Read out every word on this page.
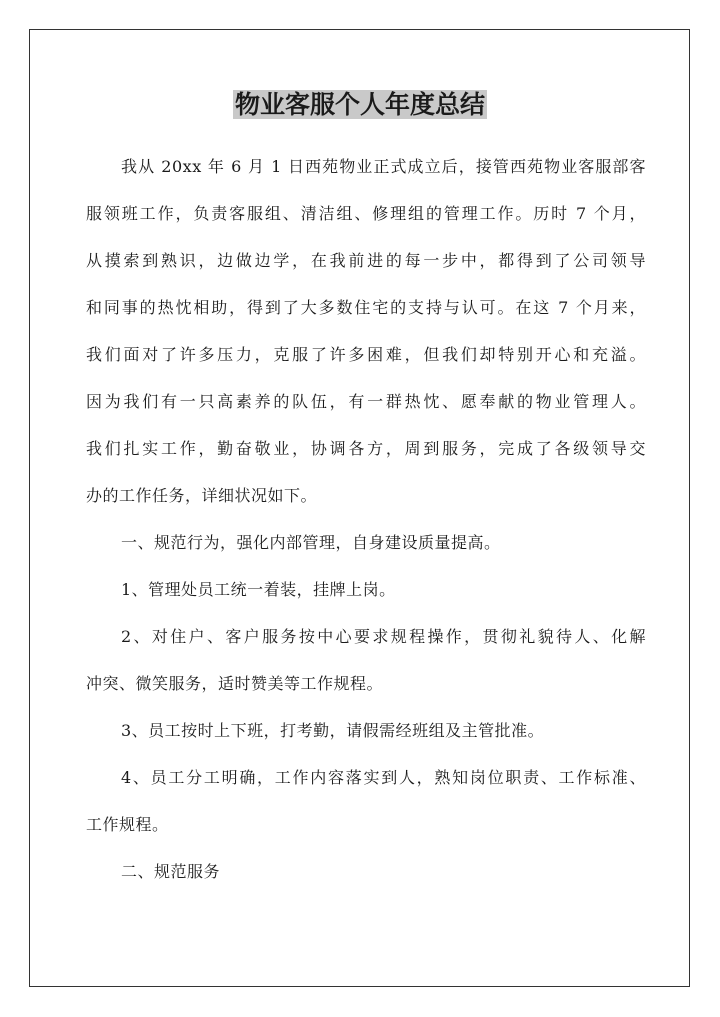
物业客服个人年度总结
我从 20xx 年 6 月 1 日西苑物业正式成立后，接管西苑物业客服部客
服领班工作，负责客服组、清洁组、修理组的管理工作。历时 7 个月，
从摸索到熟识，边做边学，在我前进的每一步中，都得到了公司领导
和同事的热忱相助，得到了大多数住宅的支持与认可。在这 7 个月来，
我们面对了许多压力，克服了许多困难，但我们却特别开心和充溢。
因为我们有一只高素养的队伍，有一群热忱、愿奉献的物业管理人。
我们扎实工作，勤奋敬业，协调各方，周到服务，完成了各级领导交
办的工作任务，详细状况如下。
一、规范行为，强化内部管理，自身建设质量提高。
1、管理处员工统一着装，挂牌上岗。
2、对住户、客户服务按中心要求规程操作，贯彻礼貌待人、化解
冲突、微笑服务，适时赞美等工作规程。
3、员工按时上下班，打考勤，请假需经班组及主管批准。
4、员工分工明确，工作内容落实到人，熟知岗位职责、工作标准、
工作规程。
二、规范服务
